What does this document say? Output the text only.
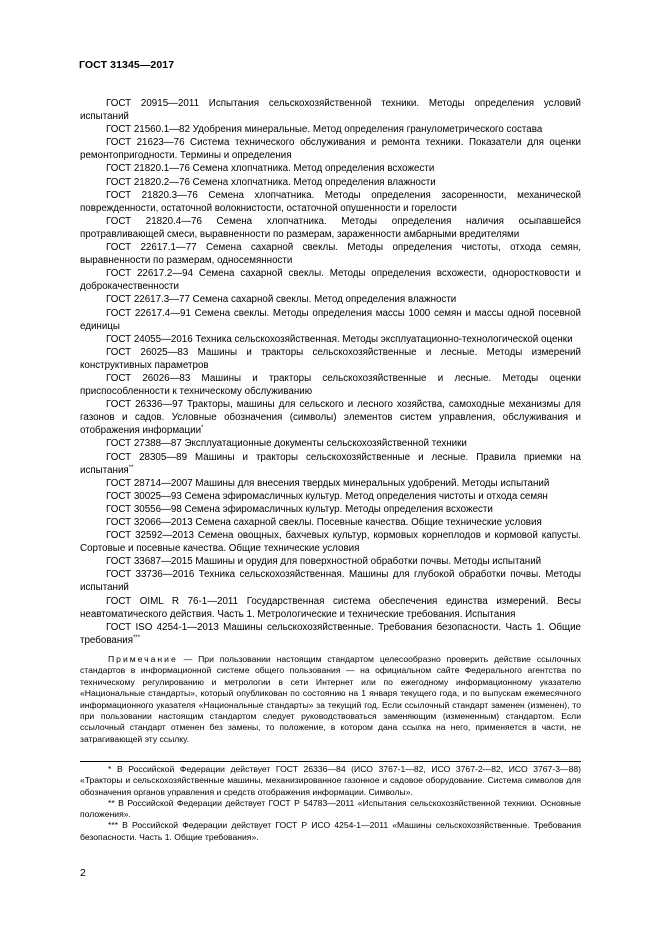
ГОСТ 31345—2017

ГОСТ 20915—2011 Испытания сельскохозяйственной техники. Методы определения условий испытаний

ГОСТ 21560.1—82 Удобрения минеральные. Метод определения гранулометрического состава

ГОСТ 21623—76 Система технического обслуживания и ремонта техники. Показатели для оценки ремонтопригодности. Термины и определения

ГОСТ 21820.1—76 Семена хлопчатника. Метод определения всхожести

ГОСТ 21820.2—76 Семена хлопчатника. Метод определения влажности

ГОСТ 21820.3—76 Семена хлопчатника. Методы определения засоренности, механической поврежденности, остаточной волокнистости, остаточной опушенности и горелости

ГОСТ 21820.4—76 Семена хлопчатника. Методы определения наличия осыпавшейся протравливающей смеси, выравненности по размерам, зараженности амбарными вредителями

ГОСТ 22617.1—77 Семена сахарной свеклы. Методы определения чистоты, отхода семян, выравненности по размерам, односемянности

ГОСТ 22617.2—94 Семена сахарной свеклы. Методы определения всхожести, одноростковости и доброкачественности

ГОСТ 22617.3—77 Семена сахарной свеклы. Метод определения влажности

ГОСТ 22617.4—91 Семена свеклы. Методы определения массы 1000 семян и массы одной посевной единицы

ГОСТ 24055—2016 Техника сельскохозяйственная. Методы эксплуатационно-технологической оценки

ГОСТ 26025—83 Машины и тракторы сельскохозяйственные и лесные. Методы измерений конструктивных параметров

ГОСТ 26026—83 Машины и тракторы сельскохозяйственные и лесные. Методы оценки приспособленности к техническому обслуживанию

ГОСТ 26336—97 Тракторы, машины для сельского и лесного хозяйства, самоходные механизмы для газонов и садов. Условные обозначения (символы) элементов систем управления, обслуживания и отображения информации*

ГОСТ 27388—87 Эксплуатационные документы сельскохозяйственной техники

ГОСТ 28305—89 Машины и тракторы сельскохозяйственные и лесные. Правила приемки на испытания**

ГОСТ 28714—2007 Машины для внесения твердых минеральных удобрений. Методы испытаний

ГОСТ 30025—93 Семена эфиромасличных культур. Метод определения чистоты и отхода семян

ГОСТ 30556—98 Семена эфиромасличных культур. Методы определения всхожести

ГОСТ 32066—2013 Семена сахарной свеклы. Посевные качества. Общие технические условия

ГОСТ 32592—2013 Семена овощных, бахчевых культур, кормовых корнеплодов и кормовой капусты. Сортовые и посевные качества. Общие технические условия

ГОСТ 33687—2015 Машины и орудия для поверхностной обработки почвы. Методы испытаний

ГОСТ 33736—2016 Техника сельскохозяйственная. Машины для глубокой обработки почвы. Методы испытаний

ГОСТ OIML R 76-1—2011 Государственная система обеспечения единства измерений. Весы неавтоматического действия. Часть 1. Метрологические и технические требования. Испытания

ГОСТ ISO 4254-1—2013 Машины сельскохозяйственные. Требования безопасности. Часть 1. Общие требования***

Примечание — При пользовании настоящим стандартом целесообразно проверить действие ссылочных стандартов в информационной системе общего пользования — на официальном сайте Федерального агентства по техническому регулированию и метрологии в сети Интернет или по ежегодному информационному указателю «Национальные стандарты», который опубликован по состоянию на 1 января текущего года, и по выпускам ежемесячного информационного указателя «Национальные стандарты» за текущий год. Если ссылочный стандарт заменен (изменен), то при пользовании настоящим стандартом следует руководствоваться заменяющим (измененным) стандартом. Если ссылочный стандарт отменен без замены, то положение, в котором дана ссылка на него, применяется в части, не затрагивающей эту ссылку.

* В Российской Федерации действует ГОСТ 26336—84 (ИСО 3767-1—82, ИСО 3767-2—82, ИСО 3767-3—88) «Тракторы и сельскохозяйственные машины, механизированное газонное и садовое оборудование. Система символов для обозначения органов управления и средств отображения информации. Символы».

** В Российской Федерации действует ГОСТ Р 54783—2011 «Испытания сельскохозяйственной техники. Основные положения».

*** В Российской Федерации действует ГОСТ Р ИСО 4254-1—2011 «Машины сельскохозяйственные. Требования безопасности. Часть 1. Общие требования».

2
